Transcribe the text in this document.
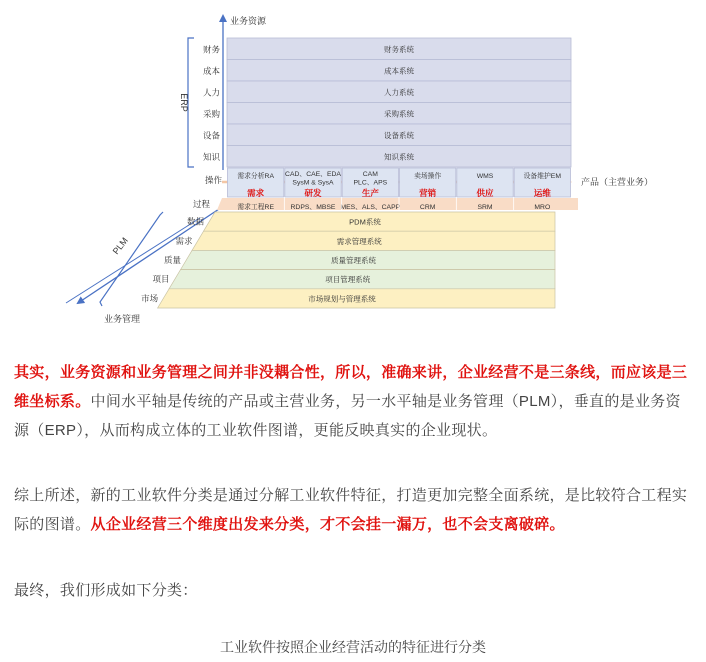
业务资源
业务管理
产品（主营业务）
财务系统
财务
成本系统
成本
人力系统
人力
采购系统
采购
设备系统
设备
知识系统
知识
ERP
操作
过程
需求分析RA
需求
需求工程RE
CAD、CAE、EDA
SysM & SysA
研发
RDPS、MBSE
CAM
PLC、APS
生产
MES、ALS、CAPP
卖场操作
营销
CRM
WMS
供应
SRM
设备维护EM
运维
MRO
PDM系统
数据
需求管理系统
需求
质量管理系统
质量
项目管理系统
项目
市场规划与管理系统
市场
PLM
其实，业务资源和业务管理之间并非没耦合性，所以，准确来讲，企业经营不是三条线，而应该是三维坐标系。中间水平轴是传统的产品或主营业务，另一水平轴是业务管理（PLM），垂直的是业务资源（ERP），从而构成立体的工业软件图谱，更能反映真实的企业现状。
综上所述，新的工业软件分类是通过分解工业软件特征，打造更加完整全面系统，是比较符合工程实际的图谱。从企业经营三个维度出发来分类，才不会挂一漏万，也不会支离破碎。
最终，我们形成如下分类：
工业软件按照企业经营活动的特征进行分类
